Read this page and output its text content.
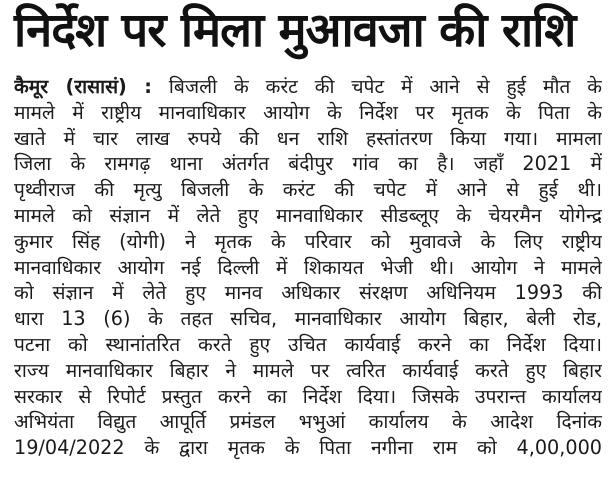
निर्देश पर मिला मुआवजा की राशि
कैमूर (रासासं) : बिजली के करंट की चपेट में आने से हुई मौत के
मामले में राष्ट्रीय मानवाधिकार आयोग के निर्देश पर मृतक के पिता के
खाते में चार लाख रुपये की धन राशि हस्तांतरण किया गया। मामला
जिला के रामगढ़ थाना अंतर्गत बंदीपुर गांव का है। जहाँ 2021 में
पृथ्वीराज की मृत्यु बिजली के करंट की चपेट में आने से हुई थी।
मामले को संज्ञान में लेते हुए मानवाधिकार सीडब्लूए के चेयरमैन योगेन्द्र
कुमार सिंह (योगी) ने मृतक के परिवार को मुवावजे के लिए राष्ट्रीय
मानवाधिकार आयोग नई दिल्ली में शिकायत भेजी थी। आयोग ने मामले
को संज्ञान में लेते हुए मानव अधिकार संरक्षण अधिनियम 1993 की
धारा 13 (6) के तहत सचिव, मानवाधिकार आयोग बिहार, बेली रोड,
पटना को स्थानांतरित करते हुए उचित कार्यवाई करने का निर्देश दिया।
राज्य मानवाधिकार बिहार ने मामले पर त्वरित कार्यवाई करते हुए बिहार
सरकार से रिपोर्ट प्रस्तुत करने का निर्देश दिया। जिसके उपरान्त कार्यालय
अभियंता विद्युत आपूर्ति प्रमंडल भभुआं कार्यालय के आदेश दिनांक
19/04/2022 के द्वारा मृतक के पिता नगीना राम को 4,00,000
